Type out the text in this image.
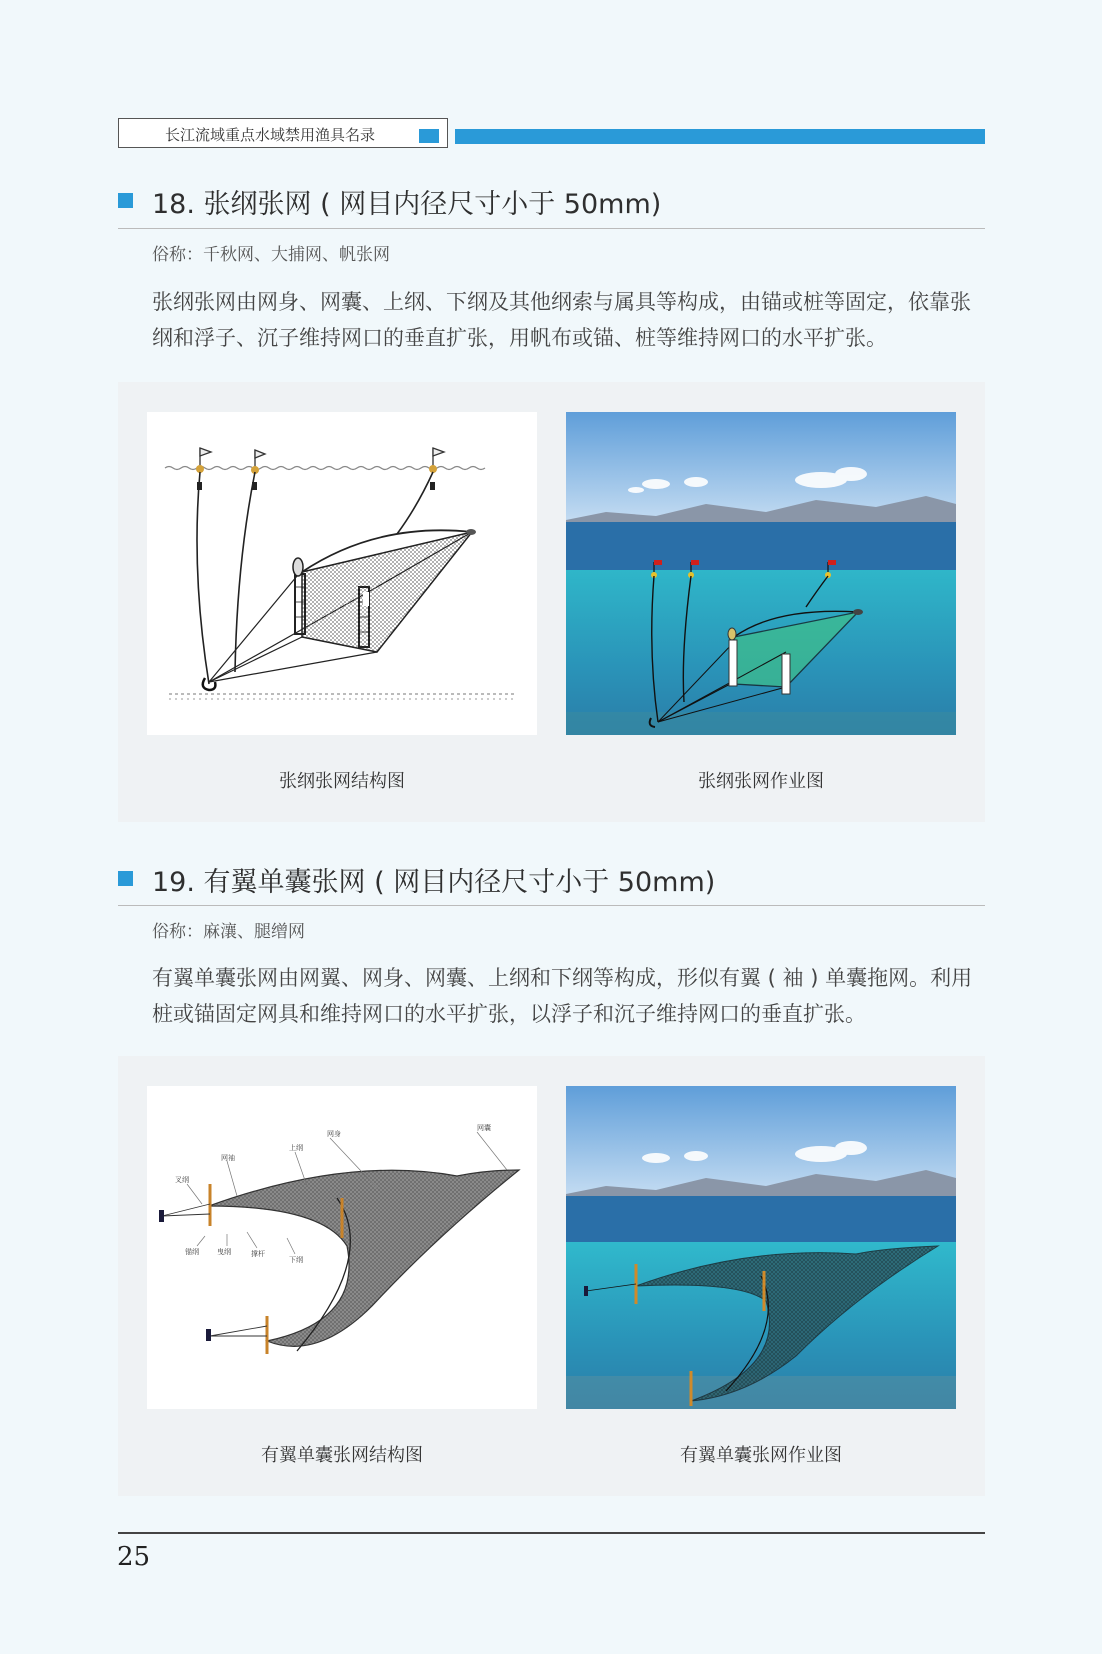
长江流域重点水域禁用渔具名录
18. 张纲张网 ( 网目内径尺寸小于 50mm)
俗称：千秋网、大捕网、帆张网
张纲张网由网身、网囊、上纲、下纲及其他纲索与属具等构成，由锚或桩等固定，依靠张纲和浮子、沉子维持网口的垂直扩张，用帆布或锚、桩等维持网口的水平扩张。
张纲张网结构图	张纲张网作业图
19. 有翼单囊张网 ( 网目内径尺寸小于 50mm)
俗称：麻瀼、腿缯网
有翼单囊张网由网翼、网身、网囊、上纲和下纲等构成，形似有翼 ( 袖 ) 单囊拖网。利用桩或锚固定网具和维持网口的水平扩张，以浮子和沉子维持网口的垂直扩张。
叉纲
网袖
上纲
网身
网囊
锚纲	曳纲	撑杆
下纲
有翼单囊张网结构图	有翼单囊张网作业图
25
